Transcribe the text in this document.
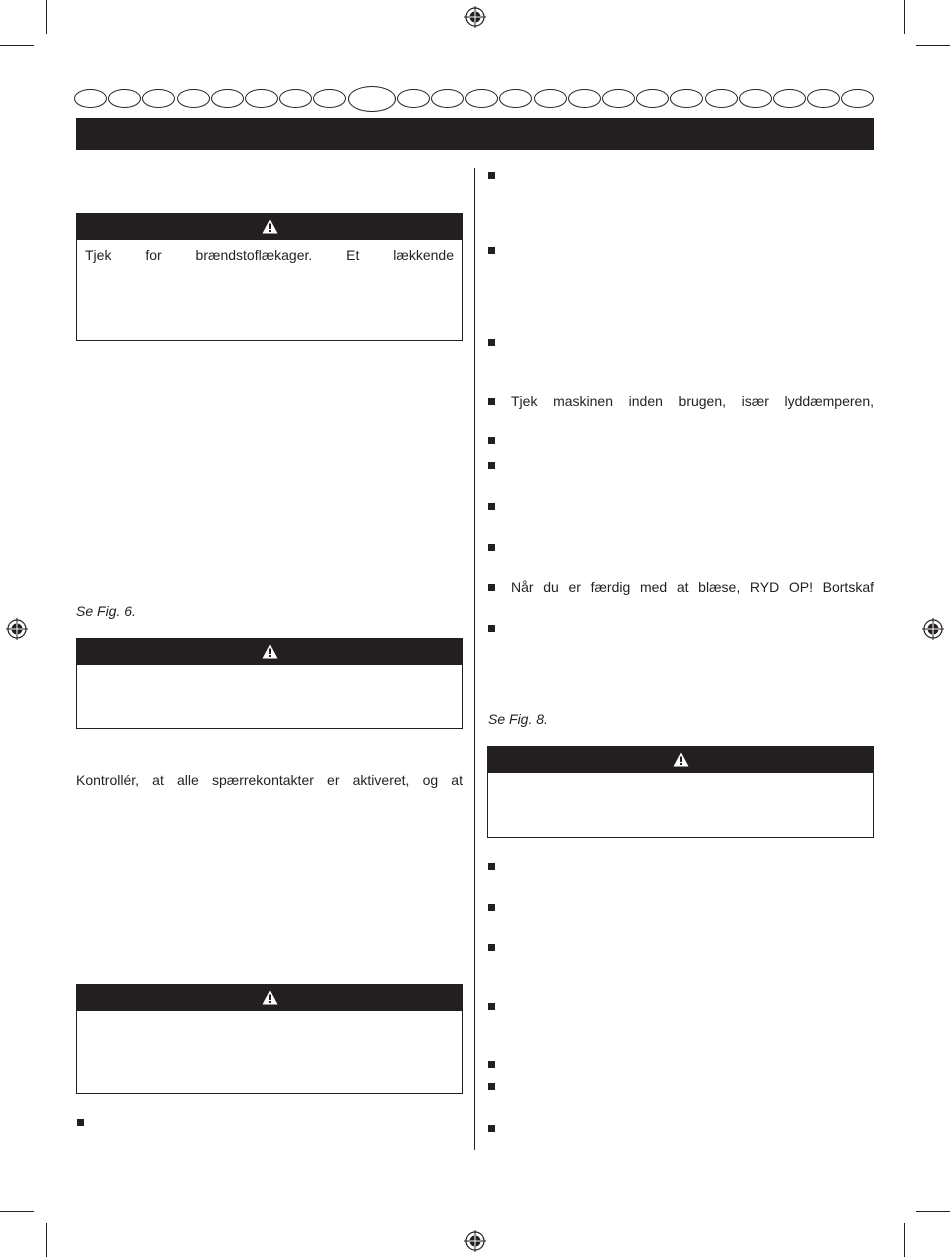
Tjek for brændstoflækager. Et lækkende
Se Fig. 6.
Kontrollér, at alle spærrekontakter er aktiveret, og at
Tjek maskinen inden brugen, især lyddæmperen,
Når du er færdig med at blæse, RYD OP! Bortskaf
Se Fig. 8.
